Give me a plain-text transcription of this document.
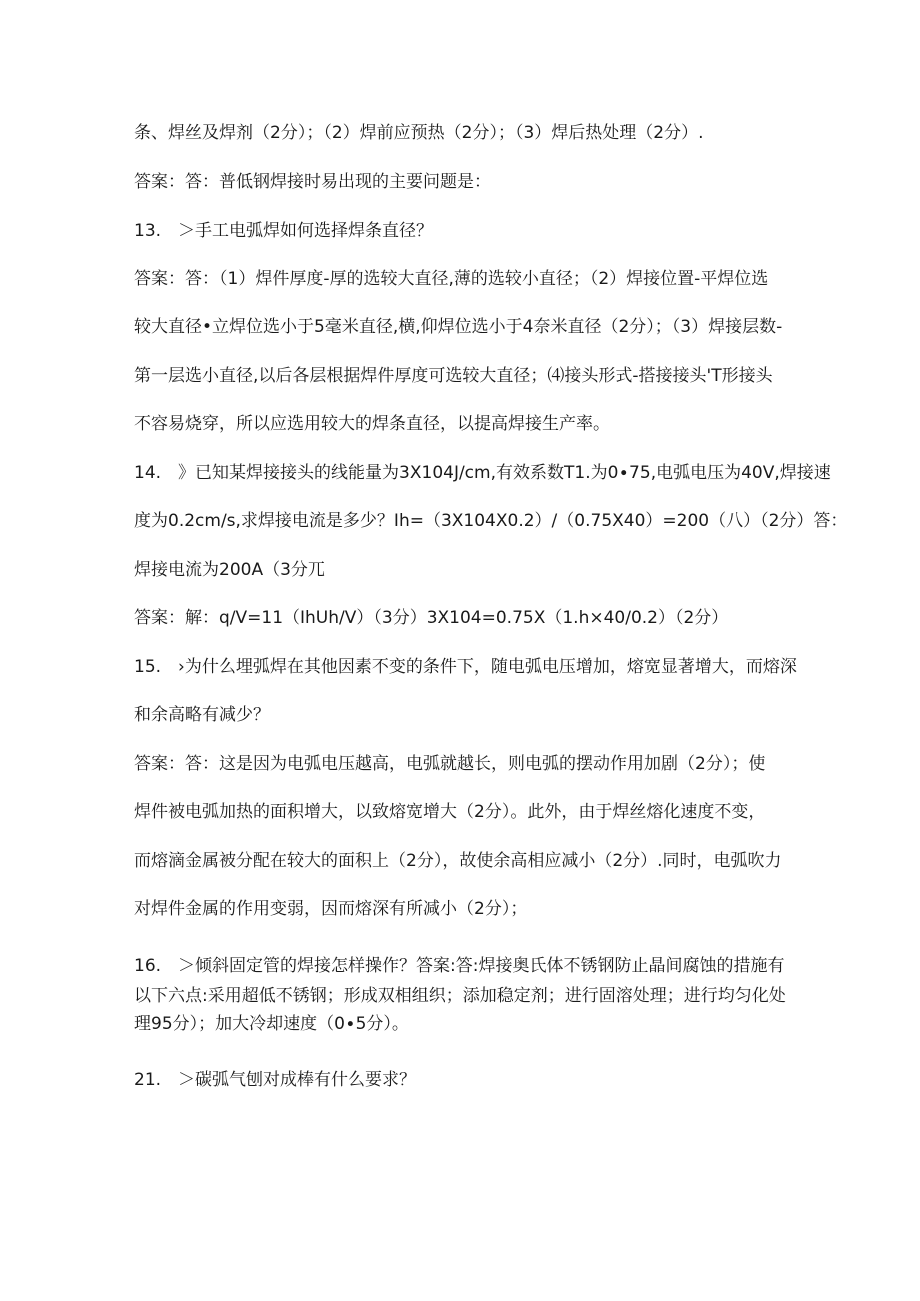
条、焊丝及焊剂（2分）；（2）焊前应预热（2分）；（3）焊后热处理（2分）.

答案：答：普低钢焊接时易出现的主要问题是：

13.　＞手工电弧焊如何选择焊条直径？

答案：答：（1）焊件厚度-厚的选较大直径,薄的选较小直径；（2）焊接位置-平焊位选

较大直径•立焊位选小于5毫米直径,横,仰焊位选小于4奈米直径（2分）；（3）焊接层数-

第一层选小直径,以后各层根据焊件厚度可选较大直径；⑷接头形式-搭接接头'T形接头

不容易烧穿，所以应选用较大的焊条直径，以提高焊接生产率。

14.　》已知某焊接接头的线能量为3X104J∕cm,有效系数T1.为0∙75,电弧电压为40V,焊接速

度为0.2cm∕s,求焊接电流是多少？Ih=（3X104X0.2）/（0.75X40）=200（八）（2分）答：

焊接电流为200A（3分兀

答案：解：q∕V=11（IhUh/V）（3分）3X104=0.75X（1.h×40∕0.2）（2分）

15.　›为什么埋弧焊在其他因素不变的条件下，随电弧电压增加，熔宽显著增大，而熔深

和余高略有减少？

答案：答：这是因为电弧电压越高，电弧就越长，则电弧的摆动作用加剧（2分）；使

焊件被电弧加热的面积增大，以致熔宽增大（2分）。此外，由于焊丝熔化速度不变，

而熔滴金属被分配在较大的面积上（2分），故使余高相应减小（2分）.同时，电弧吹力

对焊件金属的作用变弱，因而熔深有所减小（2分）；

16.　＞倾斜固定管的焊接怎样操作？答案:答:焊接奥氏体不锈钢防止晶间腐蚀的措施有

以下六点:采用超低不锈钢；形成双相组织；添加稳定剂；进行固溶处理；进行均匀化处

理95分）；加大冷却速度（0∙5分）。

21.　＞碳弧气刨对成棒有什么要求？
